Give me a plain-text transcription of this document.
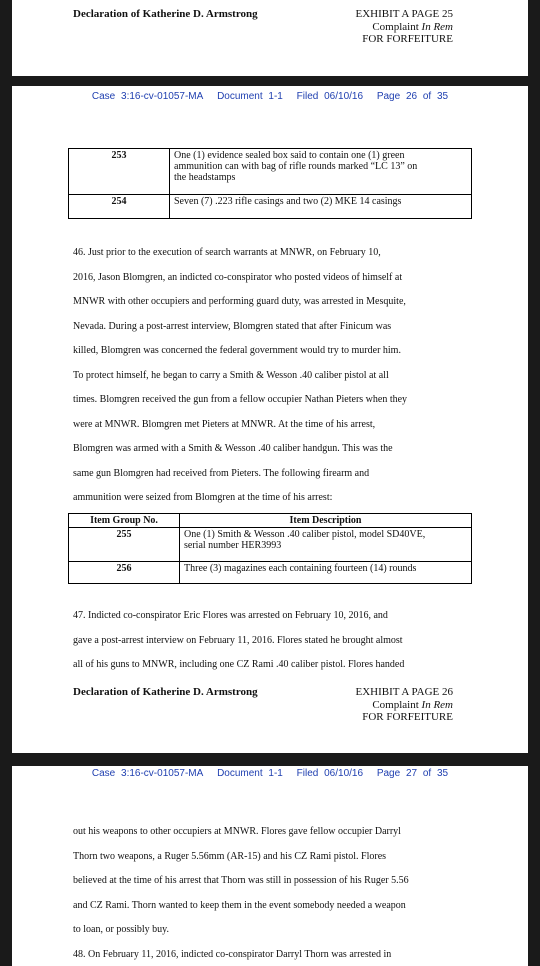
Declaration of Katherine D. Armstrong	EXHIBIT A PAGE 25
Complaint In Rem
FOR FORFEITURE
Case 3:16-cv-01057-MA Document 1-1 Filed 06/10/16 Page 26 of 35
253	One (1) evidence sealed box said to contain one (1) green
ammunition can with bag of rifle rounds marked “LC 13” on
the headstamps

254	Seven (7) .223 rifle casings and two (2) MKE 14 casings
46. Just prior to the execution of search warrants at MNWR, on February 10,
2016, Jason Blomgren, an indicted co-conspirator who posted videos of himself at
MNWR with other occupiers and performing guard duty, was arrested in Mesquite,
Nevada. During a post-arrest interview, Blomgren stated that after Finicum was
killed, Blomgren was concerned the federal government would try to murder him.
To protect himself, he began to carry a Smith & Wesson .40 caliber pistol at all
times. Blomgren received the gun from a fellow occupier Nathan Pieters when they
were at MNWR. Blomgren met Pieters at MNWR. At the time of his arrest,
Blomgren was armed with a Smith & Wesson .40 caliber handgun. This was the
same gun Blomgren had received from Pieters. The following firearm and
ammunition were seized from Blomgren at the time of his arrest:
Item Group No.	Item Description
255	One (1) Smith & Wesson .40 caliber pistol, model SD40VE,
serial number HER3993

256	Three (3) magazines each containing fourteen (14) rounds
47. Indicted co-conspirator Eric Flores was arrested on February 10, 2016, and
gave a post-arrest interview on February 11, 2016. Flores stated he brought almost
all of his guns to MNWR, including one CZ Rami .40 caliber pistol. Flores handed
Declaration of Katherine D. Armstrong	EXHIBIT A PAGE 26
Complaint In Rem
FOR FORFEITURE
Case 3:16-cv-01057-MA Document 1-1 Filed 06/10/16 Page 27 of 35
out his weapons to other occupiers at MNWR. Flores gave fellow occupier Darryl
Thorn two weapons, a Ruger 5.56mm (AR-15) and his CZ Rami pistol. Flores
believed at the time of his arrest that Thorn was still in possession of his Ruger 5.56
and CZ Rami. Thorn wanted to keep them in the event somebody needed a weapon
to loan, or possibly buy.
48. On February 11, 2016, indicted co-conspirator Darryl Thorn was arrested in
